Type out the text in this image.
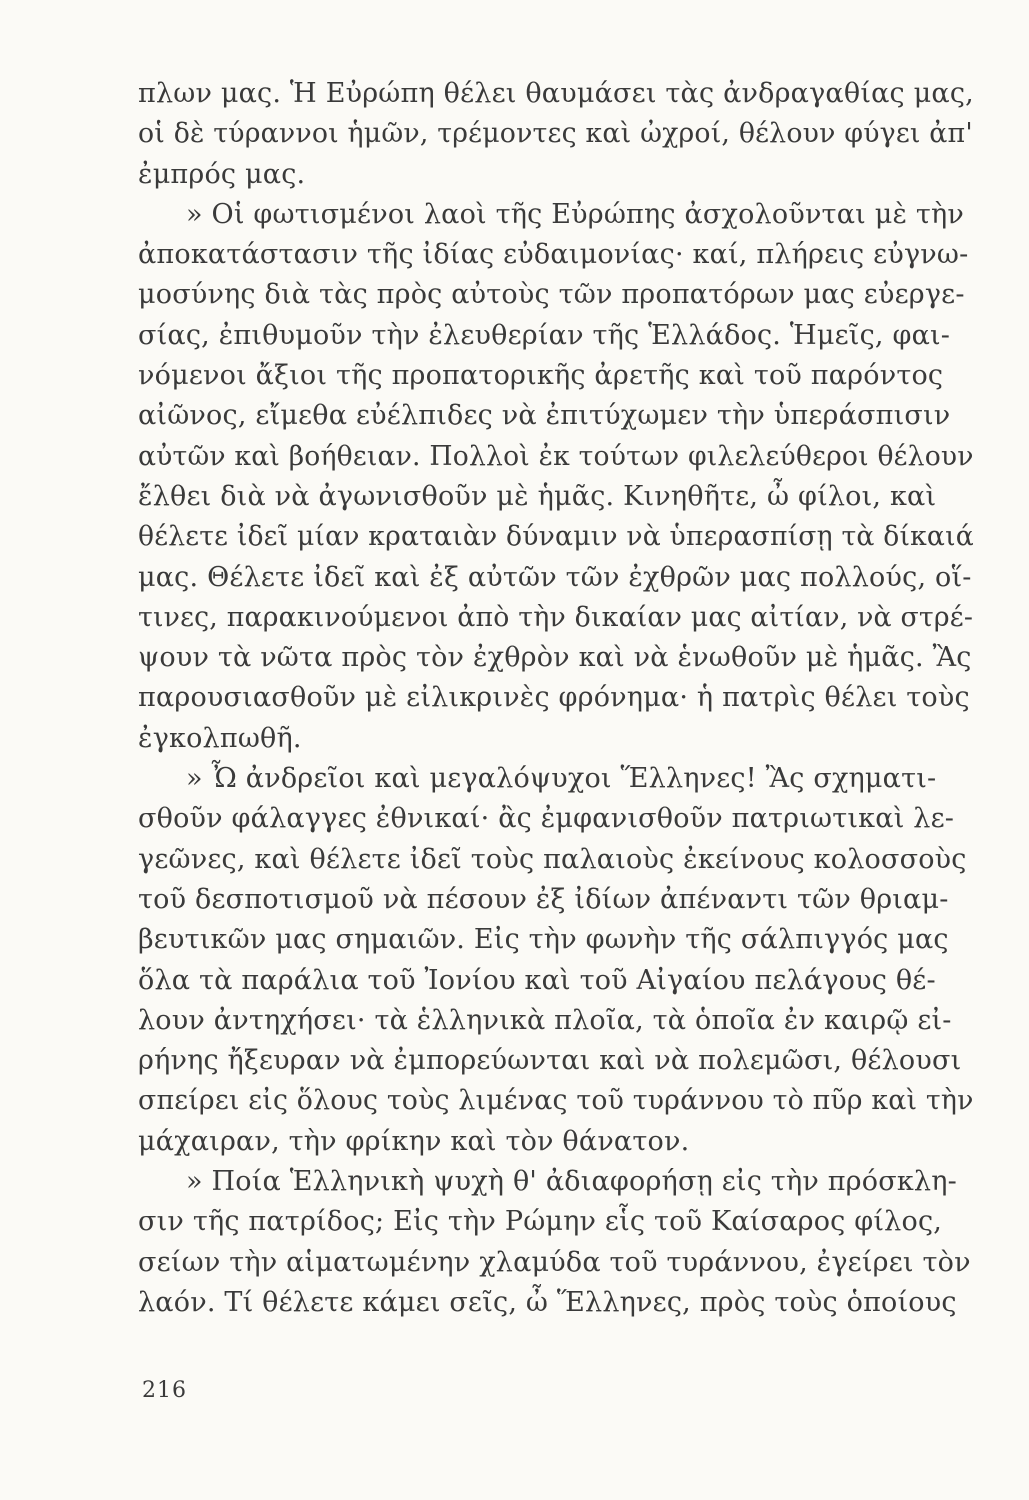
πλων μας. Ἡ Εὐρώπη θέλει θαυμάσει τὰς ἀνδραγαθίας μας,
οἱ δὲ τύραννοι ἡμῶν, τρέμοντες καὶ ὠχροί, θέλουν φύγει ἀπ'
ἐμπρός μας.
» Οἱ φωτισμένοι λαοὶ τῆς Εὐρώπης ἀσχολοῦνται μὲ τὴν
ἀποκατάστασιν τῆς ἰδίας εὐδαιμονίας· καί, πλήρεις εὐγνω-
μοσύνης διὰ τὰς πρὸς αὐτοὺς τῶν προπατόρων μας εὐεργε-
σίας, ἐπιθυμοῦν τὴν ἐλευθερίαν τῆς Ἑλλάδος. Ἡμεῖς, φαι-
νόμενοι ἄξιοι τῆς προπατορικῆς ἀρετῆς καὶ τοῦ παρόντος
αἰῶνος, εἴμεθα εὐέλπιδες νὰ ἐπιτύχωμεν τὴν ὑπεράσπισιν
αὐτῶν καὶ βοήθειαν. Πολλοὶ ἐκ τούτων φιλελεύθεροι θέλουν
ἔλθει διὰ νὰ ἀγωνισθοῦν μὲ ἡμᾶς. Κινηθῆτε, ὦ φίλοι, καὶ
θέλετε ἰδεῖ μίαν κραταιὰν δύναμιν νὰ ὑπερασπίσῃ τὰ δίκαιά
μας. Θέλετε ἰδεῖ καὶ ἐξ αὐτῶν τῶν ἐχθρῶν μας πολλούς, οἵ-
τινες, παρακινούμενοι ἀπὸ τὴν δικαίαν μας αἰτίαν, νὰ στρέ-
ψουν τὰ νῶτα πρὸς τὸν ἐχθρὸν καὶ νὰ ἑνωθοῦν μὲ ἡμᾶς. Ἂς
παρουσιασθοῦν μὲ εἰλικρινὲς φρόνημα· ἡ πατρὶς θέλει τοὺς
ἐγκολπωθῆ.
» Ὦ ἀνδρεῖοι καὶ μεγαλόψυχοι Ἕλληνες! Ἂς σχηματι-
σθοῦν φάλαγγες ἐθνικαί· ἂς ἐμφανισθοῦν πατριωτικαὶ λε-
γεῶνες, καὶ θέλετε ἰδεῖ τοὺς παλαιοὺς ἐκείνους κολοσσοὺς
τοῦ δεσποτισμοῦ νὰ πέσουν ἐξ ἰδίων ἀπέναντι τῶν θριαμ-
βευτικῶν μας σημαιῶν. Εἰς τὴν φωνὴν τῆς σάλπιγγός μας
ὅλα τὰ παράλια τοῦ Ἰονίου καὶ τοῦ Αἰγαίου πελάγους θέ-
λουν ἀντηχήσει· τὰ ἑλληνικὰ πλοῖα, τὰ ὁποῖα ἐν καιρῷ εἰ-
ρήνης ἤξευραν νὰ ἐμπορεύωνται καὶ νὰ πολεμῶσι, θέλουσι
σπείρει εἰς ὅλους τοὺς λιμένας τοῦ τυράννου τὸ πῦρ καὶ τὴν
μάχαιραν, τὴν φρίκην καὶ τὸν θάνατον.
» Ποία Ἑλληνικὴ ψυχὴ θ' ἀδιαφορήσῃ εἰς τὴν πρόσκλη-
σιν τῆς πατρίδος; Εἰς τὴν Ρώμην εἷς τοῦ Καίσαρος φίλος,
σείων τὴν αἱματωμένην χλαμύδα τοῦ τυράννου, ἐγείρει τὸν
λαόν. Τί θέλετε κάμει σεῖς, ὦ Ἕλληνες, πρὸς τοὺς ὁποίους
216
